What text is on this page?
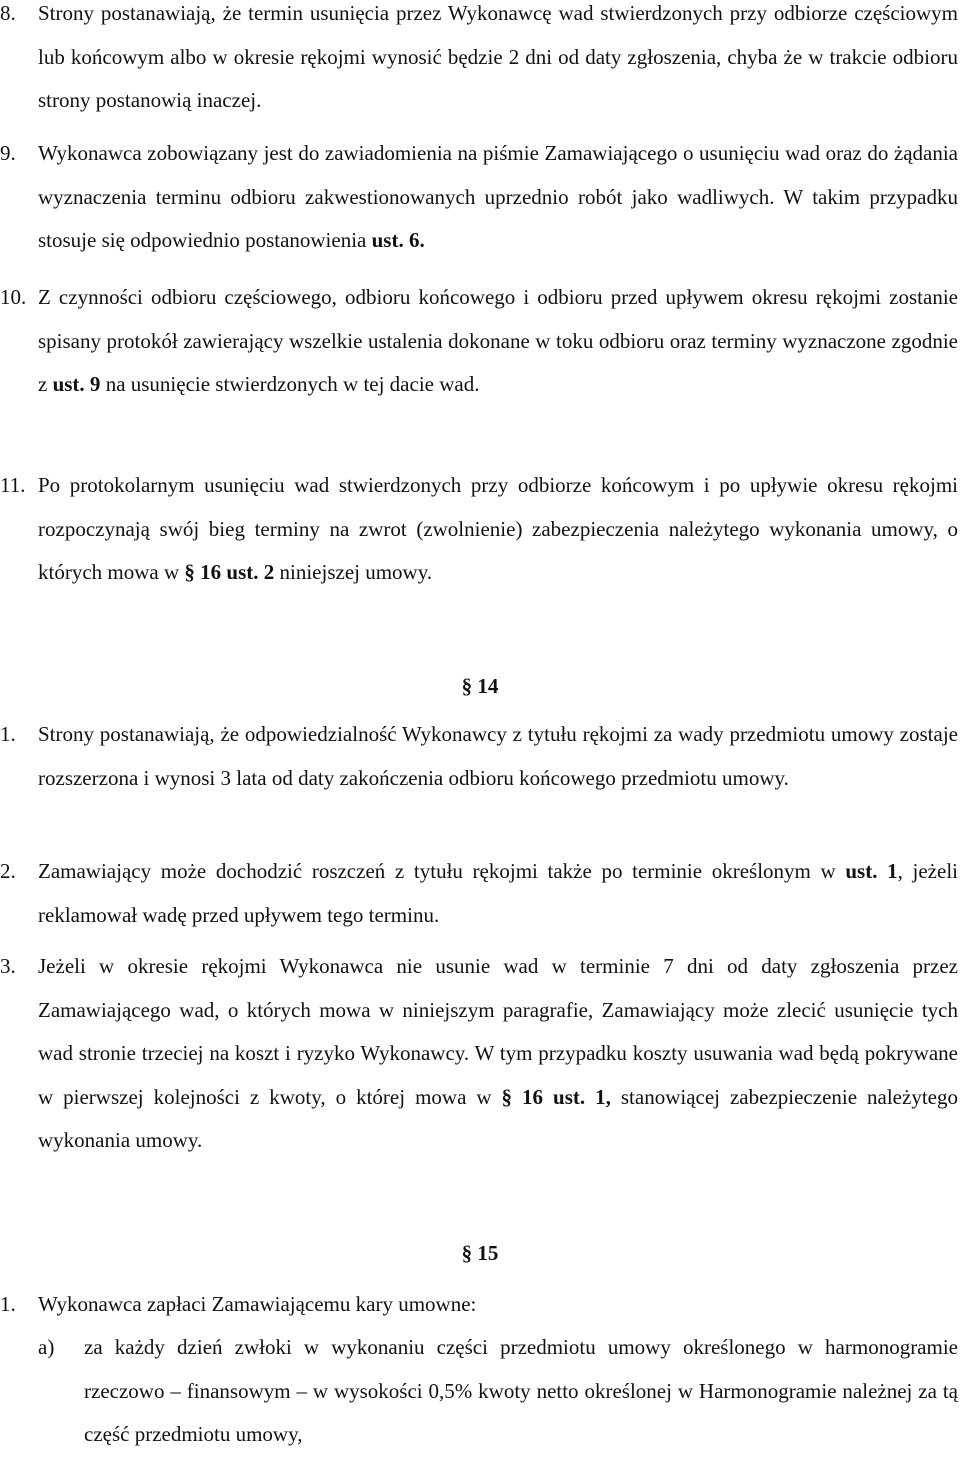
8. Strony postanawiają, że termin usunięcia przez Wykonawcę wad stwierdzonych przy odbiorze częściowym lub końcowym albo w okresie rękojmi wynosić będzie 2 dni od daty zgłoszenia, chyba że w trakcie odbioru strony postanowią inaczej.
9. Wykonawca zobowiązany jest do zawiadomienia na piśmie Zamawiającego o usunięciu wad oraz do żądania wyznaczenia terminu odbioru zakwestionowanych uprzednio robót jako wadliwych. W takim przypadku stosuje się odpowiednio postanowienia ust. 6.
10. Z czynności odbioru częściowego, odbioru końcowego i odbioru przed upływem okresu rękojmi zostanie spisany protokół zawierający wszelkie ustalenia dokonane w toku odbioru oraz terminy wyznaczone zgodnie z ust. 9 na usunięcie stwierdzonych w tej dacie wad.
11. Po protokolarnym usunięciu wad stwierdzonych przy odbiorze końcowym i po upływie okresu rękojmi rozpoczynają swój bieg terminy na zwrot (zwolnienie) zabezpieczenia należytego wykonania umowy, o których mowa w § 16 ust. 2 niniejszej umowy.
§ 14
1. Strony postanawiają, że odpowiedzialność Wykonawcy z tytułu rękojmi za wady przedmiotu umowy zostaje rozszerzona i wynosi 3 lata od daty zakończenia odbioru końcowego przedmiotu umowy.
2. Zamawiający może dochodzić roszczeń z tytułu rękojmi także po terminie określonym w ust. 1, jeżeli reklamował wadę przed upływem tego terminu.
3. Jeżeli w okresie rękojmi Wykonawca nie usunie wad w terminie 7 dni od daty zgłoszenia przez Zamawiającego wad, o których mowa w niniejszym paragrafie, Zamawiający może zlecić usunięcie tych wad stronie trzeciej na koszt i ryzyko Wykonawcy. W tym przypadku koszty usuwania wad będą pokrywane w pierwszej kolejności z kwoty, o której mowa w § 16 ust. 1, stanowiącej zabezpieczenie należytego wykonania umowy.
§ 15
1. Wykonawca zapłaci Zamawiającemu kary umowne:
a) za każdy dzień zwłoki w wykonaniu części przedmiotu umowy określonego w harmonogramie rzeczowo – finansowym – w wysokości 0,5% kwoty netto określonej w Harmonogramie należnej za tą część przedmiotu umowy,
